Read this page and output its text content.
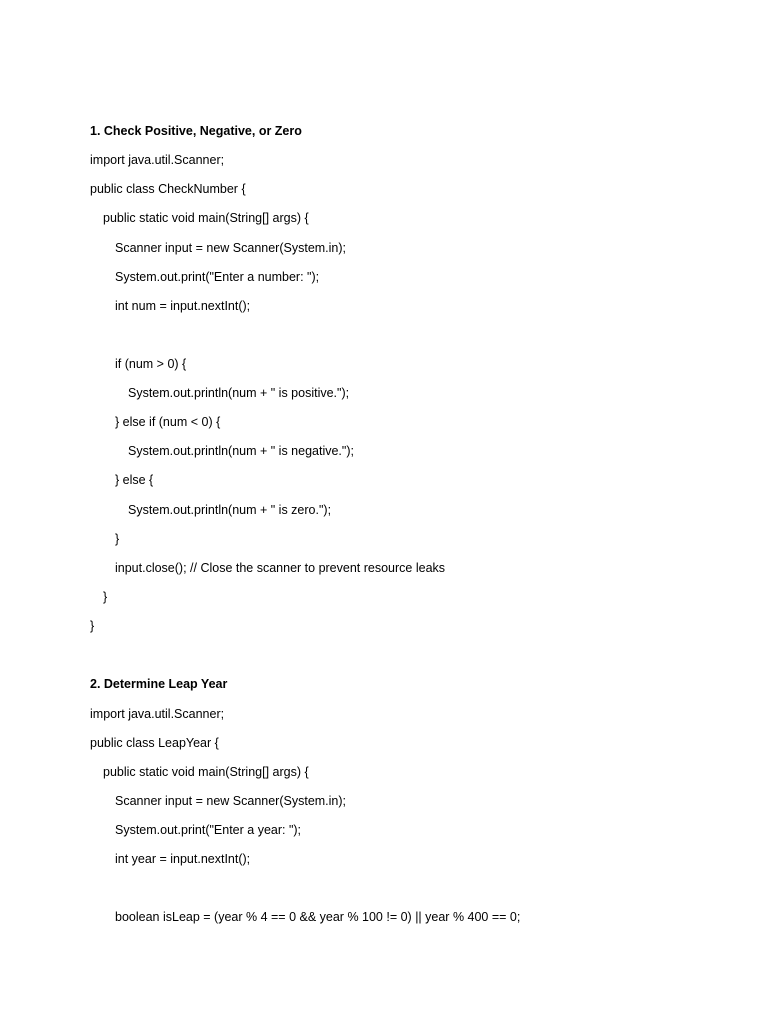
1. Check Positive, Negative, or Zero
import java.util.Scanner;
public class CheckNumber {
public static void main(String[] args) {
Scanner input = new Scanner(System.in);
System.out.print("Enter a number: ");
int num = input.nextInt();
if (num > 0) {
System.out.println(num + " is positive.");
} else if (num < 0) {
System.out.println(num + " is negative.");
} else {
System.out.println(num + " is zero.");
}
input.close(); // Close the scanner to prevent resource leaks
}
}
2. Determine Leap Year
import java.util.Scanner;
public class LeapYear {
public static void main(String[] args) {
Scanner input = new Scanner(System.in);
System.out.print("Enter a year: ");
int year = input.nextInt();
boolean isLeap = (year % 4 == 0 && year % 100 != 0) || year % 400 == 0;
